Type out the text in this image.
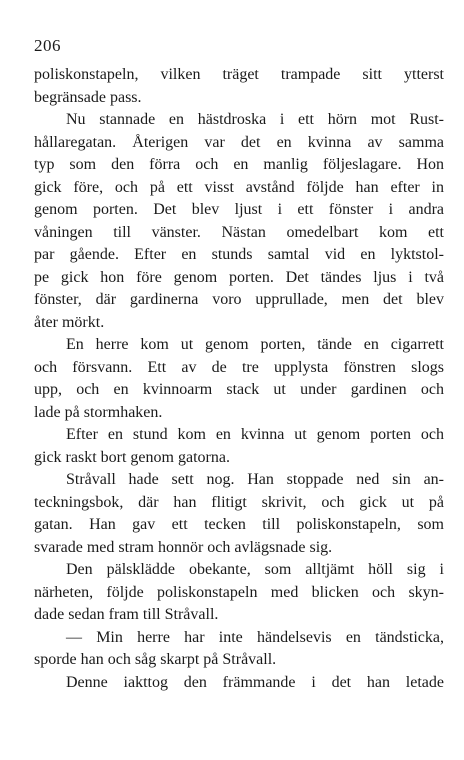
206
poliskonstapeln, vilken träget trampade sitt ytterst
begränsade pass.
Nu stannade en hästdroska i ett hörn mot Rust-
hållaregatan. Återigen var det en kvinna av samma
typ som den förra och en manlig följeslagare. Hon
gick före, och på ett visst avstånd följde han efter in
genom porten. Det blev ljust i ett fönster i andra
våningen till vänster. Nästan omedelbart kom ett
par gående. Efter en stunds samtal vid en lyktstol-
pe gick hon före genom porten. Det tändes ljus i två
fönster, där gardinerna voro upprullade, men det blev
åter mörkt.
En herre kom ut genom porten, tände en cigarrett
och försvann. Ett av de tre upplysta fönstren slogs
upp, och en kvinnoarm stack ut under gardinen och
lade på stormhaken.
Efter en stund kom en kvinna ut genom porten och
gick raskt bort genom gatorna.
Stråvall hade sett nog. Han stoppade ned sin an-
teckningsbok, där han flitigt skrivit, och gick ut på
gatan. Han gav ett tecken till poliskonstapeln, som
svarade med stram honnör och avlägsnade sig.
Den pälsklädde obekante, som alltjämt höll sig i
närheten, följde poliskonstapeln med blicken och skyn-
dade sedan fram till Stråvall.
— Min herre har inte händelsevis en tändsticka,
sporde han och såg skarpt på Stråvall.
Denne iakttog den främmande i det han letade
